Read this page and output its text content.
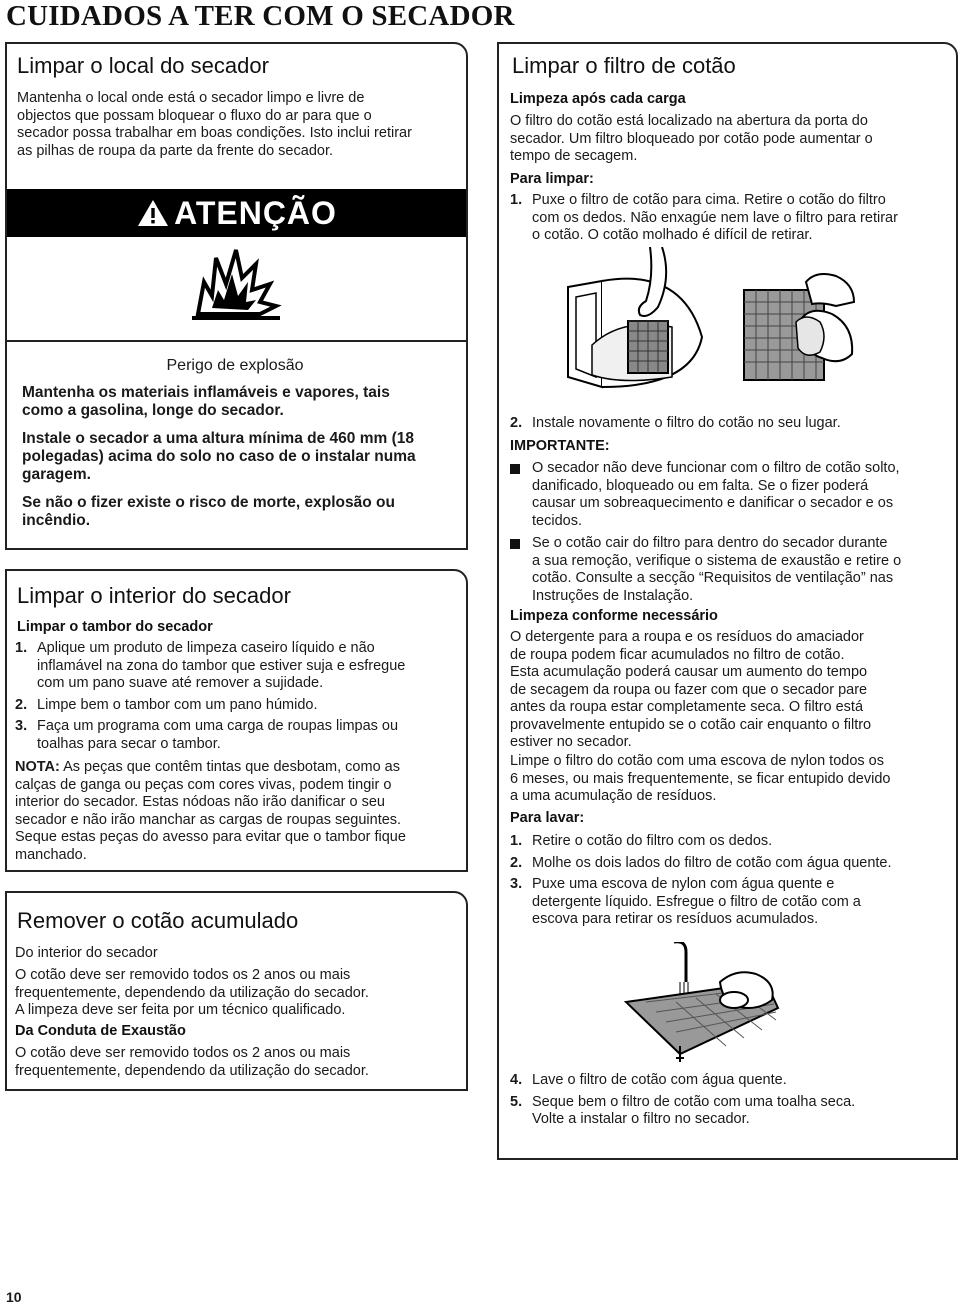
CUIDADOS A TER COM O SECADOR
Limpar o local do secador

Mantenha o local onde está o secador limpo e livre de

objectos que possam bloquear o fluxo do ar para que o

secador possa trabalhar em boas condições. Isto inclui retirar

as pilhas de roupa da parte da frente do secador.

ATENÇÃO
Perigo de explosão

Mantenha os materiais inflamáveis e vapores, tais

como a gasolina, longe do secador.

Instale o secador a uma altura mínima de 460 mm (18

polegadas) acima do solo no caso de o instalar numa

garagem.

Se não o fizer existe o risco de morte, explosão ou

incêndio.

Limpar o interior do secador
Limpar o tambor do secador
1. Aplique um produto de limpeza caseiro líquido e não

inflamável na zona do tambor que estiver suja e esfregue

com um pano suave até remover a sujidade.

2. Limpe bem o tambor com um pano húmido.

3. Faça um programa com uma carga de roupas limpas ou

toalhas para secar o tambor.

NOTA: As peças que contêm tintas que desbotam, como as

calças de ganga ou peças com cores vivas, podem tingir o

interior do secador. Estas nódoas não irão danificar o seu

secador e não irão manchar as cargas de roupas seguintes.

Seque estas peças do avesso para evitar que o tambor fique

manchado.

Remover o cotão acumulado
Do interior do secador

O cotão deve ser removido todos os 2 anos ou mais

frequentemente, dependendo da utilização do secador.

A limpeza deve ser feita por um técnico qualificado.

Da Conduta de Exaustão

O cotão deve ser removido todos os 2 anos ou mais

frequentemente, dependendo da utilização do secador.

Limpar o filtro de cotão
Limpeza após cada carga

O filtro do cotão está localizado na abertura da porta do

secador. Um filtro bloqueado por cotão pode aumentar o

tempo de secagem.

Para limpar:
1. Puxe o filtro de cotão para cima. Retire o cotão do filtro

com os dedos. Não enxagúe nem lave o filtro para retirar

o cotão. O cotão molhado é difícil de retirar.

2. Instale novamente o filtro do cotão no seu lugar.

IMPORTANTE:

O secador não deve funcionar com o filtro de cotão solto,

danificado, bloqueado ou em falta. Se o fizer poderá

causar um sobreaquecimento e danificar o secador e os

tecidos.

Se o cotão cair do filtro para dentro do secador durante

a sua remoção, verifique o sistema de exaustão e retire o

cotão. Consulte a secção “Requisitos de ventilação” nas

Instruções de Instalação.

Limpeza conforme necessário

O detergente para a roupa e os resíduos do amaciador

de roupa podem ficar acumulados no filtro de cotão.

Esta acumulação poderá causar um aumento do tempo

de secagem da roupa ou fazer com que o secador pare

antes da roupa estar completamente seca. O filtro está

provavelmente entupido se o cotão cair enquanto o filtro

estiver no secador.

Limpe o filtro do cotão com uma escova de nylon todos os

6 meses, ou mais frequentemente, se ficar entupido devido

a uma acumulação de resíduos.

Para lavar:
1. Retire o cotão do filtro com os dedos.

2. Molhe os dois lados do filtro de cotão com água quente.

3. Puxe uma escova de nylon com água quente e

detergente líquido. Esfregue o filtro de cotão com a

escova para retirar os resíduos acumulados.

4. Lave o filtro de cotão com água quente.

5. Seque bem o filtro de cotão com uma toalha seca.

Volte a instalar o filtro no secador.

10
